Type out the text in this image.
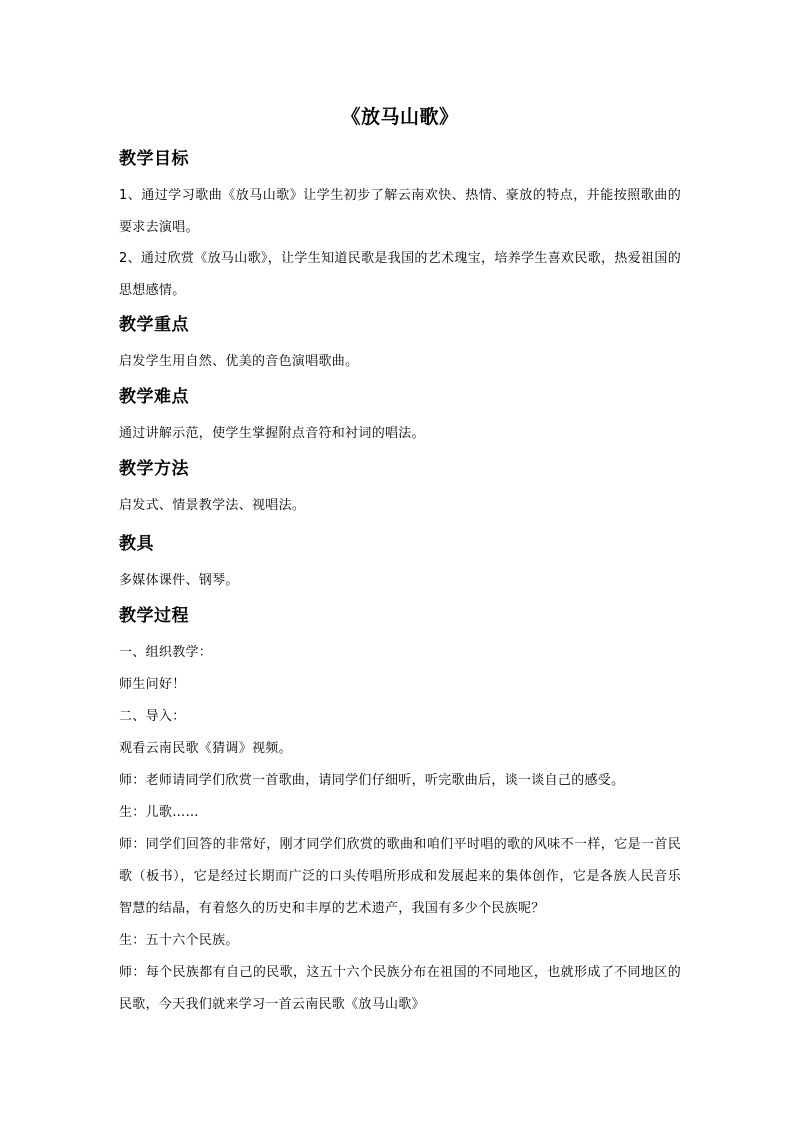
《放马山歌》
教学目标
1、通过学习歌曲《放马山歌》让学生初步了解云南欢快、热情、豪放的特点，并能按照歌曲的要求去演唱。
2、通过欣赏《放马山歌》，让学生知道民歌是我国的艺术瑰宝，培养学生喜欢民歌，热爱祖国的思想感情。
教学重点
启发学生用自然、优美的音色演唱歌曲。
教学难点
通过讲解示范，使学生掌握附点音符和衬词的唱法。
教学方法
启发式、情景教学法、视唱法。
教具
多媒体课件、钢琴。
教学过程
一、组织教学：
师生问好！
二、导入：
观看云南民歌《猜调》视频。
师：老师请同学们欣赏一首歌曲，请同学们仔细听，听完歌曲后，谈一谈自己的感受。
生：儿歌……
师：同学们回答的非常好，刚才同学们欣赏的歌曲和咱们平时唱的歌的风味不一样，它是一首民歌（板书），它是经过长期而广泛的口头传唱所形成和发展起来的集体创作，它是各族人民音乐智慧的结晶，有着悠久的历史和丰厚的艺术遗产，我国有多少个民族呢？
生：五十六个民族。
师：每个民族都有自己的民歌，这五十六个民族分布在祖国的不同地区，也就形成了不同地区的民歌，今天我们就来学习一首云南民歌《放马山歌》
